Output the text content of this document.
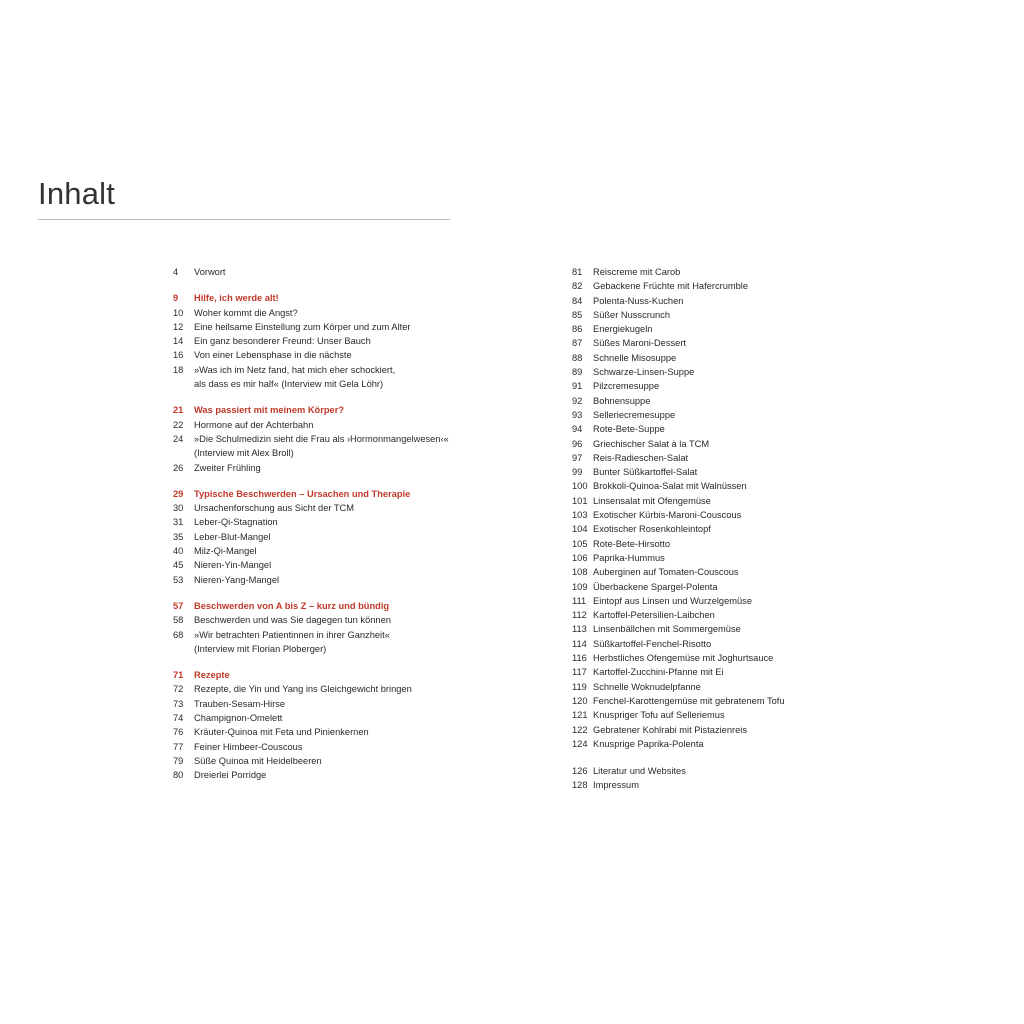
Inhalt
4	Vorwort
9	Hilfe, ich werde alt!
10	Woher kommt die Angst?
12	Eine heilsame Einstellung zum Körper und zum Alter
14	Ein ganz besonderer Freund: Unser Bauch
16	Von einer Lebensphase in die nächste
18	»Was ich im Netz fand, hat mich eher schockiert,
als dass es mir half« (Interview mit Gela Löhr)
21	Was passiert mit meinem Körper?
22	Hormone auf der Achterbahn
24	»Die Schulmedizin sieht die Frau als ›Hormonmangelwesen‹«
(Interview mit Alex Broll)
26	Zweiter Frühling
29	Typische Beschwerden – Ursachen und Therapie
30	Ursachenforschung aus Sicht der TCM
31	Leber-Qi-Stagnation
35	Leber-Blut-Mangel
40	Milz-Qi-Mangel
45	Nieren-Yin-Mangel
53	Nieren-Yang-Mangel
57	Beschwerden von A bis Z – kurz und bündig
58	Beschwerden und was Sie dagegen tun können
68	»Wir betrachten Patientinnen in ihrer Ganzheit«
(Interview mit Florian Ploberger)
71	Rezepte
72	Rezepte, die Yin und Yang ins Gleichgewicht bringen
73	Trauben-Sesam-Hirse
74	Champignon-Omelett
76	Kräuter-Quinoa mit Feta und Pinienkernen
77	Feiner Himbeer-Couscous
79	Süße Quinoa mit Heidelbeeren
80	Dreierlei Porridge
81	Reiscreme mit Carob
82	Gebackene Früchte mit Hafercrumble
84	Polenta-Nuss-Kuchen
85	Süßer Nusscrunch
86	Energiekugeln
87	Süßes Maroni-Dessert
88	Schnelle Misosuppe
89	Schwarze-Linsen-Suppe
91	Pilzcremesuppe
92	Bohnensuppe
93	Selleriecremesuppe
94	Rote-Bete-Suppe
96	Griechischer Salat à la TCM
97	Reis-Radieschen-Salat
99	Bunter Süßkartoffel-Salat
100 Brokkoli-Quinoa-Salat mit Walnüssen
101 Linsensalat mit Ofengemüse
103 Exotischer Kürbis-Maroni-Couscous
104 Exotischer Rosenkohleintopf
105 Rote-Bete-Hirsotto
106 Paprika-Hummus
108 Auberginen auf Tomaten-Couscous
109 Überbackene Spargel-Polenta
111 Eintopf aus Linsen und Wurzelgemüse
112 Kartoffel-Petersilien-Laibchen
113 Linsenbällchen mit Sommergemüse
114 Süßkartoffel-Fenchel-Risotto
116 Herbstliches Ofengemüse mit Joghurtsauce
117 Kartoffel-Zucchini-Pfanne mit Ei
119 Schnelle Woknudelpfanne
120 Fenchel-Karottengemüse mit gebratenem Tofu
121 Knuspriger Tofu auf Selleriemus
122 Gebratener Kohlrabi mit Pistazienreis
124 Knusprige Paprika-Polenta
126 Literatur und Websites
128 Impressum
